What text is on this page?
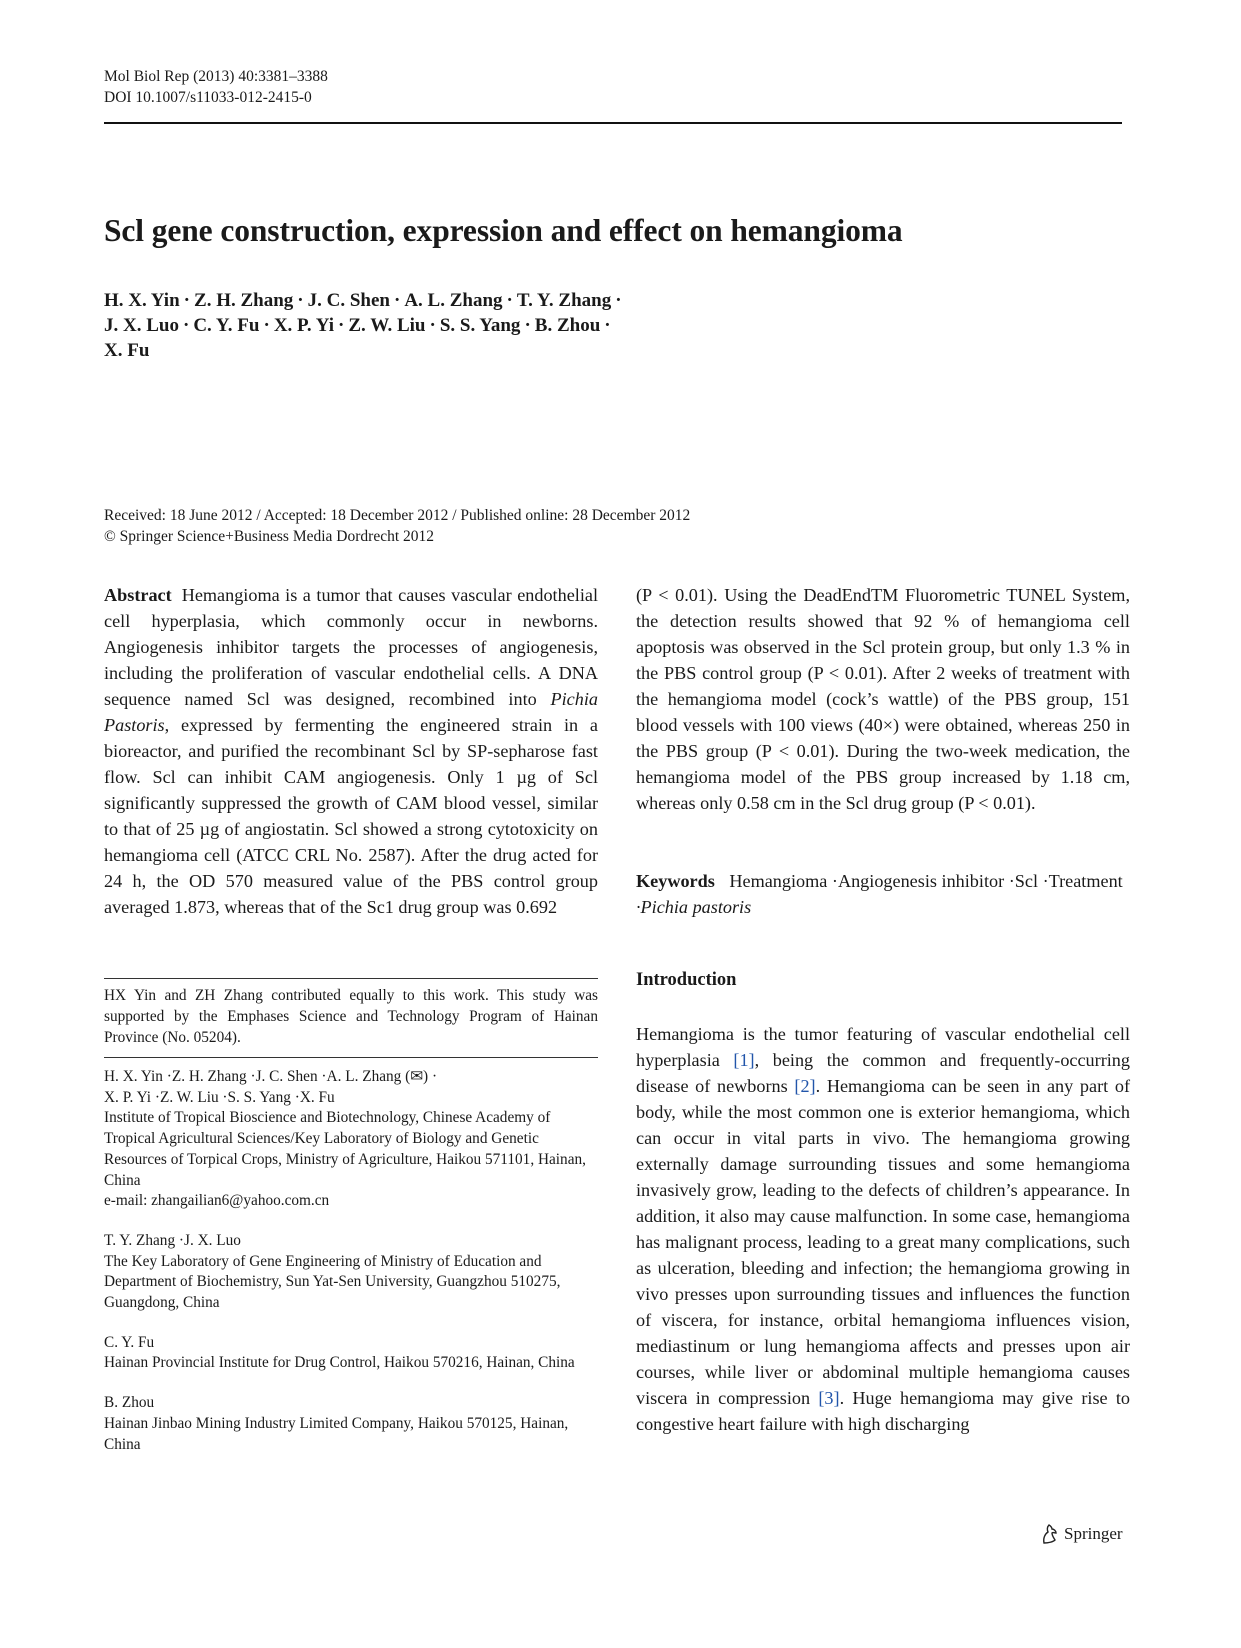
Mol Biol Rep (2013) 40:3381–3388
DOI 10.1007/s11033-012-2415-0
Scl gene construction, expression and effect on hemangioma
H. X. Yin · Z. H. Zhang · J. C. Shen · A. L. Zhang · T. Y. Zhang ·
J. X. Luo · C. Y. Fu · X. P. Yi · Z. W. Liu · S. S. Yang · B. Zhou ·
X. Fu
Received: 18 June 2012 / Accepted: 18 December 2012 / Published online: 28 December 2012
© Springer Science+Business Media Dordrecht 2012
Abstract Hemangioma is a tumor that causes vascular endothelial cell hyperplasia, which commonly occur in newborns. Angiogenesis inhibitor targets the processes of angiogenesis, including the proliferation of vascular endothelial cells. A DNA sequence named Scl was designed, recombined into Pichia Pastoris, expressed by fermenting the engineered strain in a bioreactor, and purified the recombinant Scl by SP-sepharose fast flow. Scl can inhibit CAM angiogenesis. Only 1 µg of Scl significantly suppressed the growth of CAM blood vessel, similar to that of 25 µg of angiostatin. Scl showed a strong cytotoxicity on hemangioma cell (ATCC CRL No. 2587). After the drug acted for 24 h, the OD 570 measured value of the PBS control group averaged 1.873, whereas that of the Sc1 drug group was 0.692
(P < 0.01). Using the DeadEndTM Fluorometric TUNEL System, the detection results showed that 92 % of hemangioma cell apoptosis was observed in the Scl protein group, but only 1.3 % in the PBS control group (P < 0.01). After 2 weeks of treatment with the hemangioma model (cock’s wattle) of the PBS group, 151 blood vessels with 100 views (40×) were obtained, whereas 250 in the PBS group (P < 0.01). During the two-week medication, the hemangioma model of the PBS group increased by 1.18 cm, whereas only 0.58 cm in the Scl drug group (P < 0.01).
Keywords Hemangioma · Angiogenesis inhibitor · Scl · Treatment  · Pichia pastoris
Introduction
Hemangioma is the tumor featuring of vascular endothelial cell hyperplasia [1], being the common and frequently-occurring disease of newborns [2]. Hemangioma can be seen in any part of body, while the most common one is exterior hemangioma, which can occur in vital parts in vivo. The hemangioma growing externally damage surrounding tissues and some hemangioma invasively grow, leading to the defects of children’s appearance. In addition, it also may cause malfunction. In some case, hemangioma has malignant process, leading to a great many complications, such as ulceration, bleeding and infection; the hemangioma growing in vivo presses upon surrounding tissues and influences the function of viscera, for instance, orbital hemangioma influences vision, mediastinum or lung hemangioma affects and presses upon air courses, while liver or abdominal multiple hemangioma causes viscera in compression [3]. Huge hemangioma may give rise to congestive heart failure with high discharging
HX Yin and ZH Zhang contributed equally to this work. This study was supported by the Emphases Science and Technology Program of Hainan Province (No. 05204).
H. X. Yin · Z. H. Zhang · J. C. Shen · A. L. Zhang (✉) ·
X. P. Yi · Z. W. Liu · S. S. Yang · X. Fu
Institute of Tropical Bioscience and Biotechnology, Chinese Academy of Tropical Agricultural Sciences/Key Laboratory of Biology and Genetic Resources of Torpical Crops, Ministry of Agriculture, Haikou 571101, Hainan, China
e-mail: zhangailian6@yahoo.com.cn
T. Y. Zhang · J. X. Luo
The Key Laboratory of Gene Engineering of Ministry of Education and Department of Biochemistry, Sun Yat-Sen University, Guangzhou 510275, Guangdong, China
C. Y. Fu
Hainan Provincial Institute for Drug Control, Haikou 570216, Hainan, China
B. Zhou
Hainan Jinbao Mining Industry Limited Company, Haikou 570125, Hainan, China
Springer
